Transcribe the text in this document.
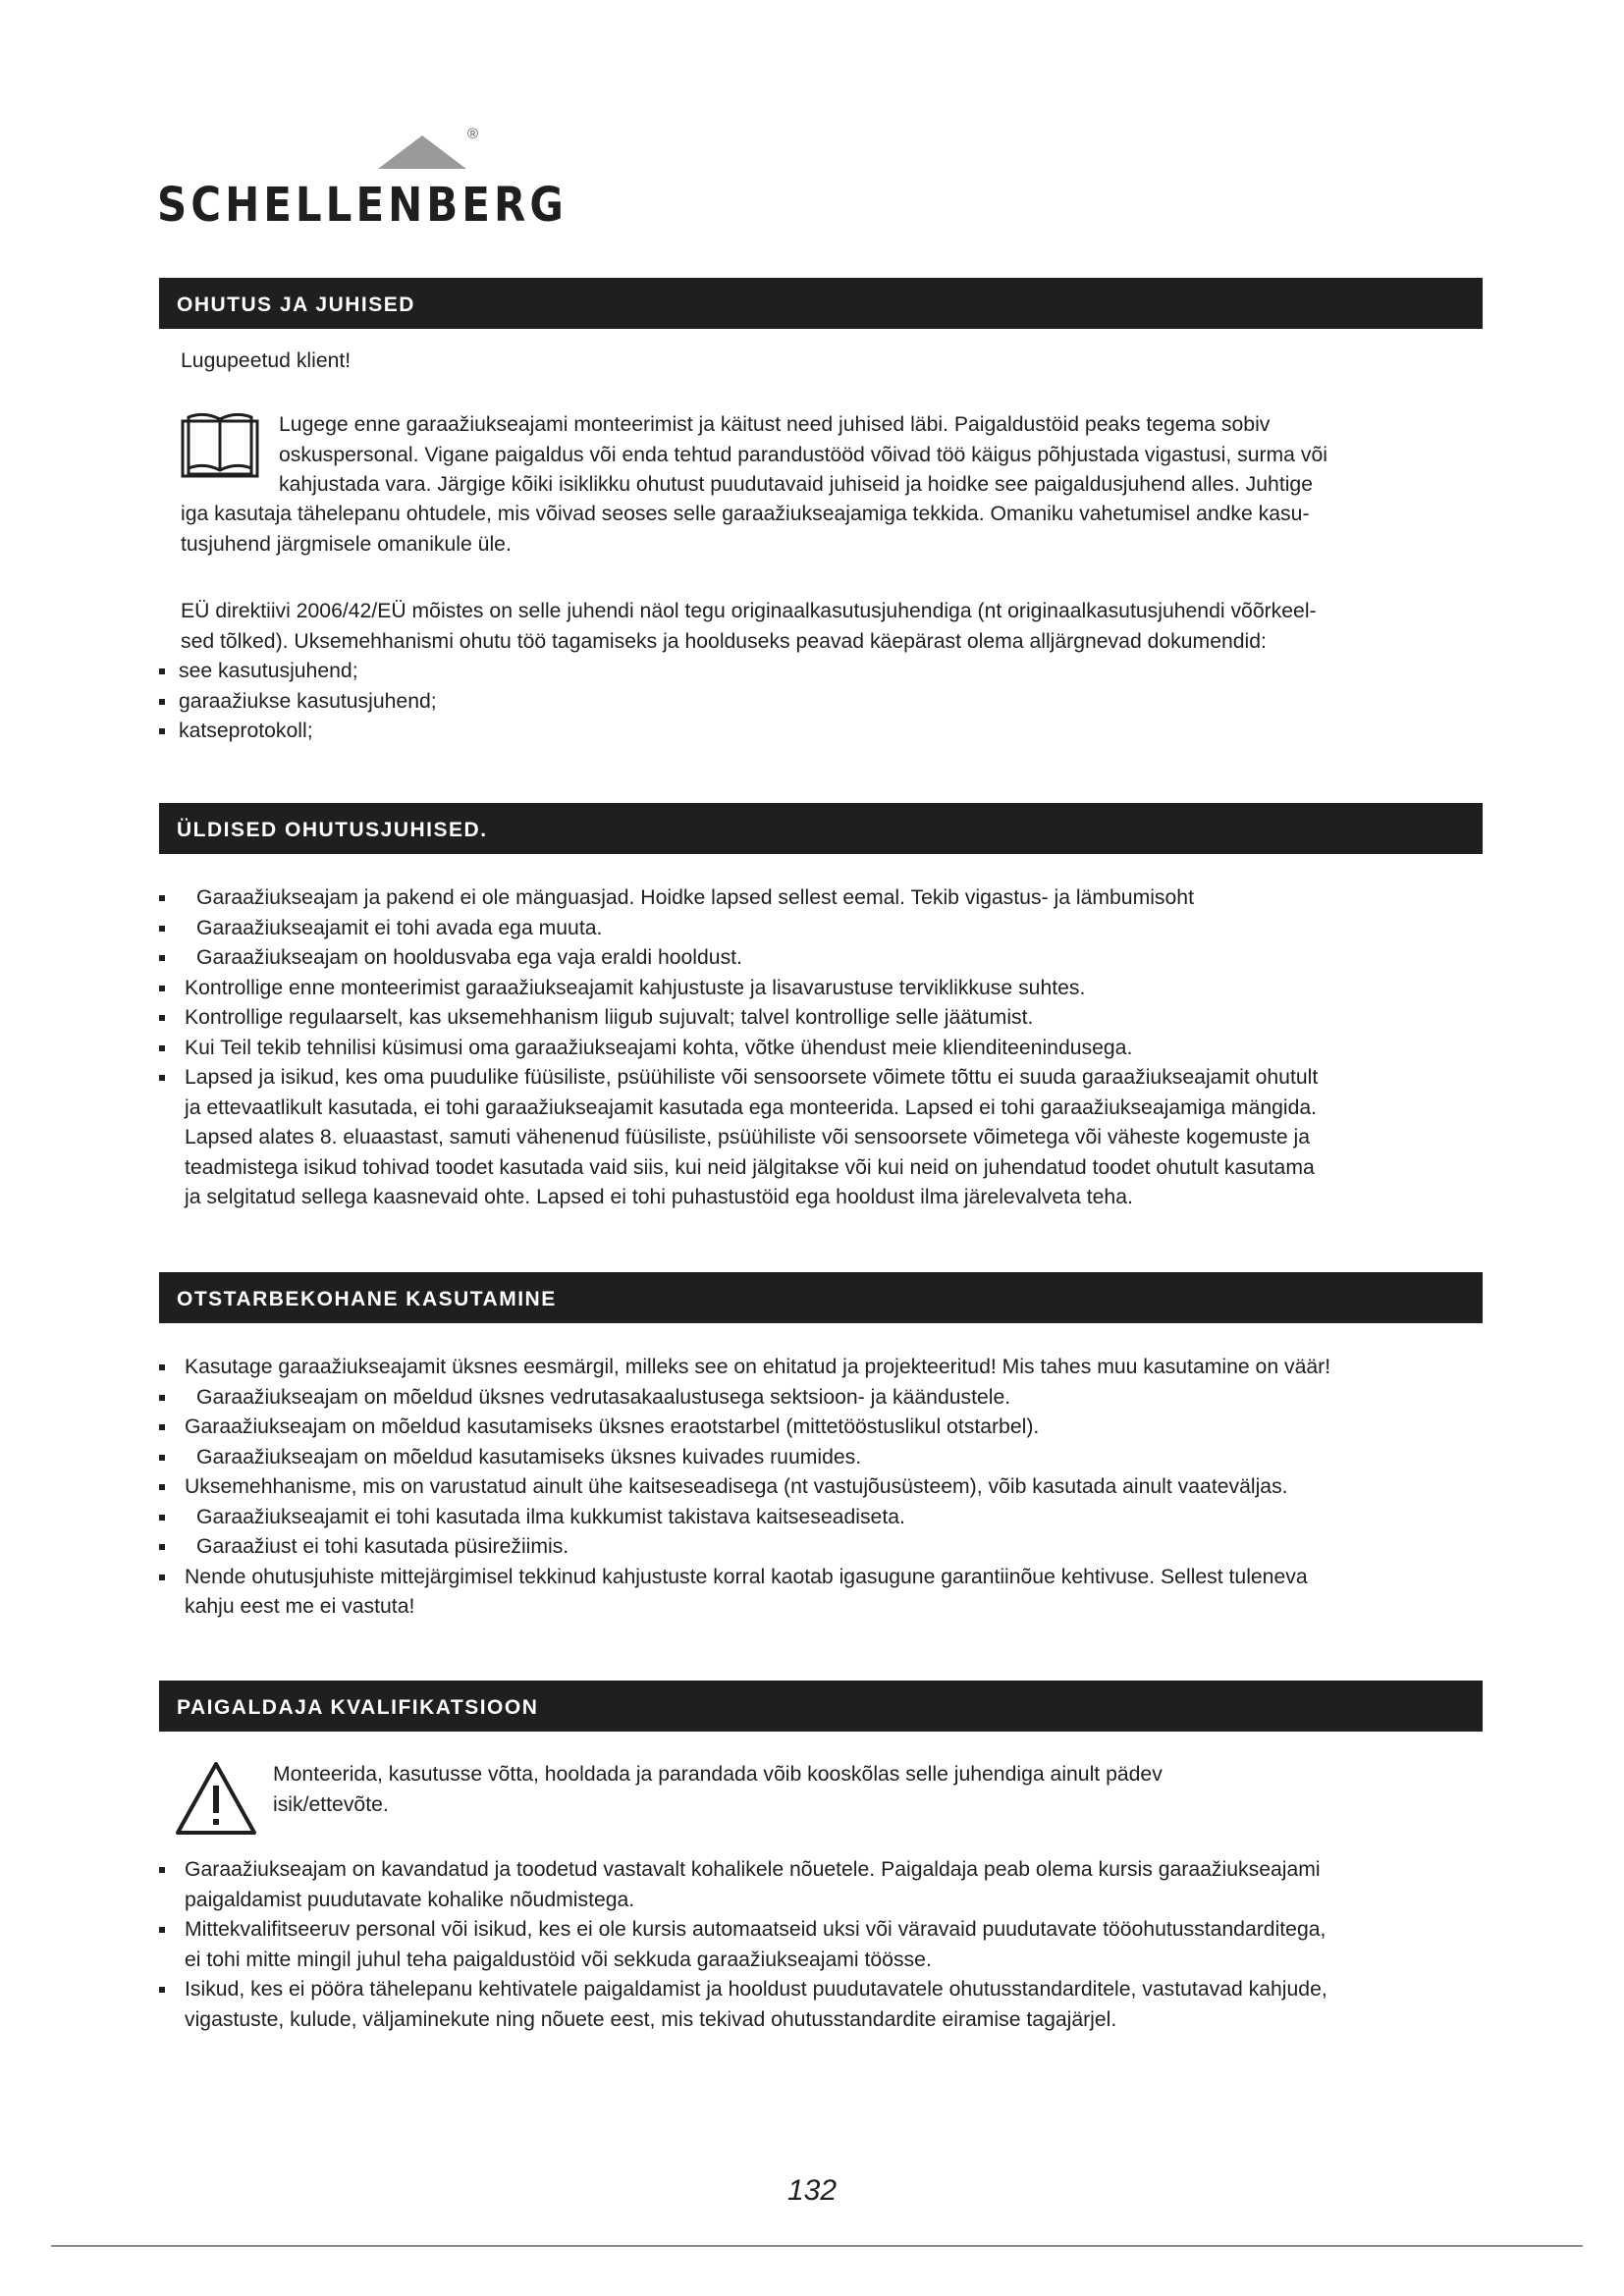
®
SCHELLENBERG
OHUTUS JA JUHISED

Lugupeetud klient!

Lugege enne garaažiukseajami monteerimist ja käitust need juhised läbi. Paigaldustöid peaks tegema sobiv

oskuspersonal. Vigane paigaldus või enda tehtud parandustööd võivad töö käigus põhjustada vigastusi, surma või

kahjustada vara. Järgige kõiki isiklikku ohutust puudutavaid juhiseid ja hoidke see paigaldusjuhend alles. Juhtige

iga kasutaja tähelepanu ohtudele, mis võivad seoses selle garaažiukseajamiga tekkida. Omaniku vahetumisel andke kasu-

tusjuhend järgmisele omanikule üle.

EÜ direktiivi 2006/42/EÜ mõistes on selle juhendi näol tegu originaalkasutusjuhendiga (nt originaalkasutusjuhendi võõrkeel-

sed tõlked). Uksemehhanismi ohutu töö tagamiseks ja hoolduseks peavad käepärast olema alljärgnevad dokumendid:

see kasutusjuhend;
garaažiukse kasutusjuhend;
katseprotokoll;
ÜLDISED OHUTUSJUHISED.
Garaažiukseajam ja pakend ei ole mänguasjad. Hoidke lapsed sellest eemal. Tekib vigastus- ja lämbumisoht
Garaažiukseajamit ei tohi avada ega muuta.
Garaažiukseajam on hooldusvaba ega vaja eraldi hooldust.
Kontrollige enne monteerimist garaažiukseajamit kahjustuste ja lisavarustuse terviklikkuse suhtes.
Kontrollige regulaarselt, kas uksemehhanism liigub sujuvalt; talvel kontrollige selle jäätumist.
Kui Teil tekib tehnilisi küsimusi oma garaažiukseajami kohta, võtke ühendust meie klienditeenindusega.

Lapsed ja isikud, kes oma puudulike füüsiliste, psüühiliste või sensoorsete võimete tõttu ei suuda garaažiukseajamit ohutult

ja ettevaatlikult kasutada, ei tohi garaažiukseajamit kasutada ega monteerida. Lapsed ei tohi garaažiukseajamiga mängida.

Lapsed alates 8. eluaastast, samuti vähenenud füüsiliste, psüühiliste või sensoorsete võimetega või väheste kogemuste ja

teadmistega isikud tohivad toodet kasutada vaid siis, kui neid jälgitakse või kui neid on juhendatud toodet ohutult kasutama

ja selgitatud sellega kaasnevaid ohte. Lapsed ei tohi puhastustöid ega hooldust ilma järelevalveta teha.

OTSTARBEKOHANE KASUTAMINE
Kasutage garaažiukseajamit üksnes eesmärgil, milleks see on ehitatud ja projekteeritud! Mis tahes muu kasutamine on väär!
Garaažiukseajam on mõeldud üksnes vedrutasakaalustusega sektsioon- ja käändustele.
Garaažiukseajam on mõeldud kasutamiseks üksnes eraotstarbel (mittetööstuslikul otstarbel).
Garaažiukseajam on mõeldud kasutamiseks üksnes kuivades ruumides.
Uksemehhanisme, mis on varustatud ainult ühe kaitseseadisega (nt vastujõusüsteem), võib kasutada ainult vaateväljas.
Garaažiukseajamit ei tohi kasutada ilma kukkumist takistava kaitseseadiseta.
Garaažiust ei tohi kasutada püsirežiimis.

Nende ohutusjuhiste mittejärgimisel tekkinud kahjustuste korral kaotab igasugune garantiinõue kehtivuse. Sellest tuleneva

kahju eest me ei vastuta!

PAIGALDAJA KVALIFIKATSIOON

Monteerida, kasutusse võtta, hooldada ja parandada võib kooskõlas selle juhendiga ainult pädev

isik/ettevõte.

Garaažiukseajam on kavandatud ja toodetud vastavalt kohalikele nõuetele. Paigaldaja peab olema kursis garaažiukseajami

paigaldamist puudutavate kohalike nõudmistega.

Mittekvalifitseeruv personal või isikud, kes ei ole kursis automaatseid uksi või väravaid puudutavate tööohutusstandarditega,

ei tohi mitte mingil juhul teha paigaldustöid või sekkuda garaažiukseajami töösse.

Isikud, kes ei pööra tähelepanu kehtivatele paigaldamist ja hooldust puudutavatele ohutusstandarditele, vastutavad kahjude,

vigastuste, kulude, väljaminekute ning nõuete eest, mis tekivad ohutusstandardite eiramise tagajärjel.

132
